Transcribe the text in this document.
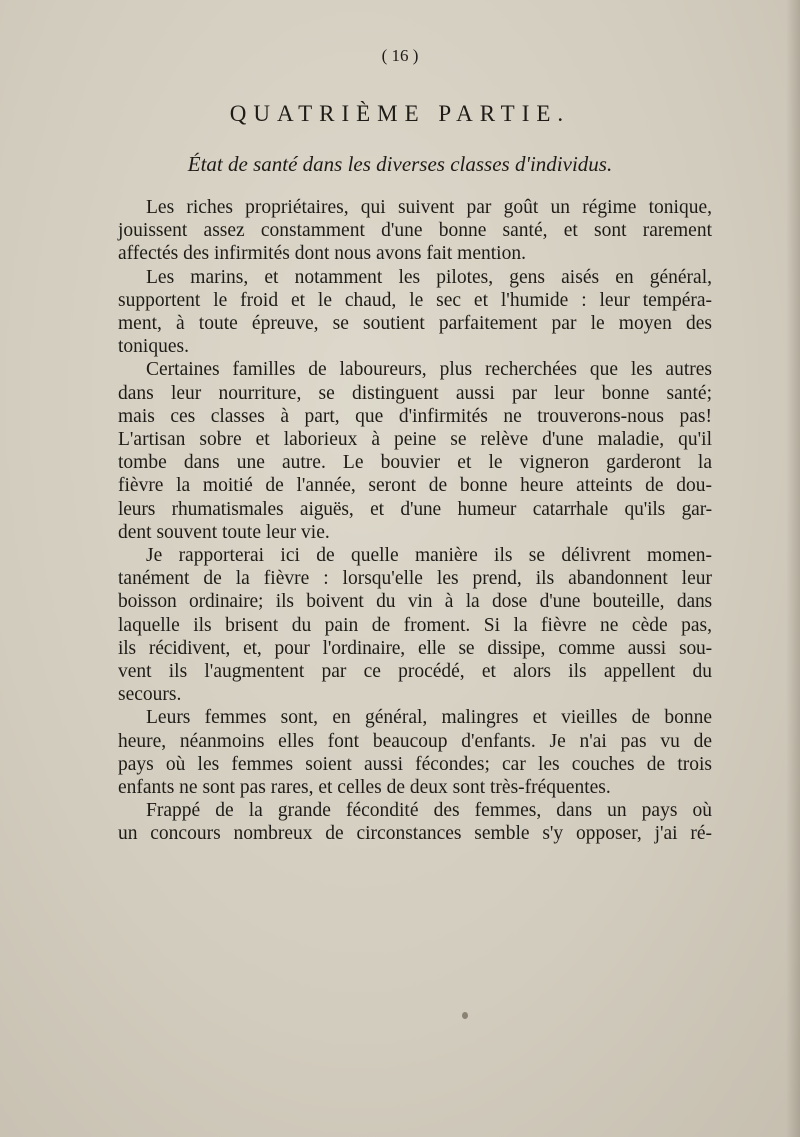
( 16 )
QUATRIÈME PARTIE.
État de santé dans les diverses classes d'individus.
Les riches propriétaires, qui suivent par goût un régime tonique,
jouissent assez constamment d'une bonne santé, et sont rarement
affectés des infirmités dont nous avons fait mention.
Les marins, et notamment les pilotes, gens aisés en général,
supportent le froid et le chaud, le sec et l'humide : leur tempéra-
ment, à toute épreuve, se soutient parfaitement par le moyen des
toniques.
Certaines familles de laboureurs, plus recherchées que les autres
dans leur nourriture, se distinguent aussi par leur bonne santé;
mais ces classes à part, que d'infirmités ne trouverons-nous pas!
L'artisan sobre et laborieux à peine se relève d'une maladie, qu'il
tombe dans une autre. Le bouvier et le vigneron garderont la
fièvre la moitié de l'année, seront de bonne heure atteints de dou-
leurs rhumatismales aiguës, et d'une humeur catarrhale qu'ils gar-
dent souvent toute leur vie.
Je rapporterai ici de quelle manière ils se délivrent momen-
tanément de la fièvre : lorsqu'elle les prend, ils abandonnent leur
boisson ordinaire; ils boivent du vin à la dose d'une bouteille, dans
laquelle ils brisent du pain de froment. Si la fièvre ne cède pas,
ils récidivent, et, pour l'ordinaire, elle se dissipe, comme aussi sou-
vent ils l'augmentent par ce procédé, et alors ils appellent du
secours.
Leurs femmes sont, en général, malingres et vieilles de bonne
heure, néanmoins elles font beaucoup d'enfants. Je n'ai pas vu de
pays où les femmes soient aussi fécondes; car les couches de trois
enfants ne sont pas rares, et celles de deux sont très-fréquentes.
Frappé de la grande fécondité des femmes, dans un pays où
un concours nombreux de circonstances semble s'y opposer, j'ai ré-
